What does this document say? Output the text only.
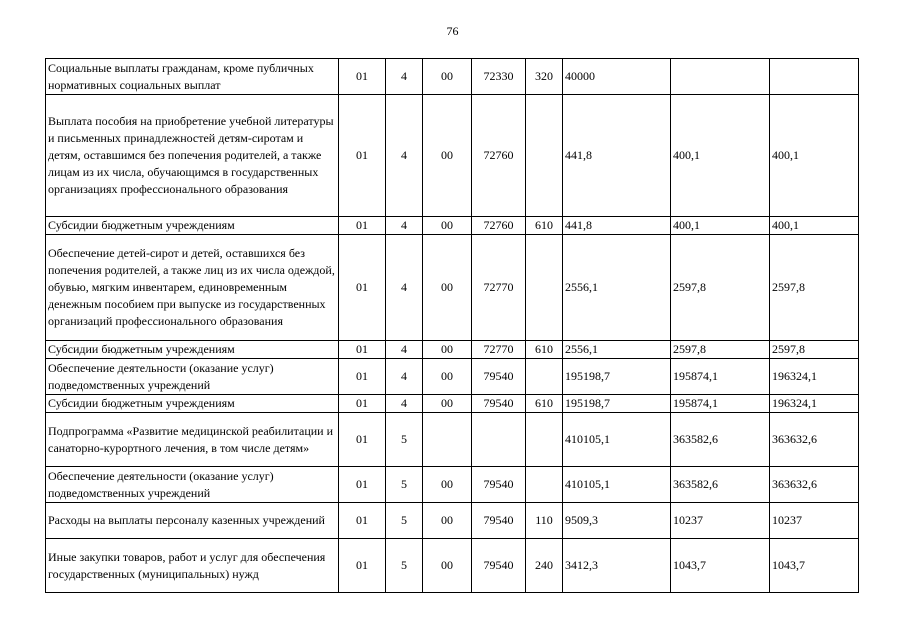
76
Социальные выплаты гражданам, кроме публичных нормативных социальных выплат	01	4	00	72330	320	40000		
Выплата пособия на приобретение учебной литературы и письменных принадлежностей детям-сиротам и детям, оставшимся без попечения родителей, а также лицам из их числа, обучающимся в государственных организациях профессионального образования	01	4	00	72760		441,8	400,1	400,1
Субсидии бюджетным учреждениям	01	4	00	72760	610	441,8	400,1	400,1
Обеспечение детей-сирот и детей, оставшихся без попечения родителей, а также лиц из их числа одеждой, обувью, мягким инвентарем, единовременным денежным пособием при выпуске из государственных организаций профессионального образования	01	4	00	72770		2556,1	2597,8	2597,8
Субсидии бюджетным учреждениям	01	4	00	72770	610	2556,1	2597,8	2597,8
Обеспечение деятельности (оказание услуг) подведомственных учреждений	01	4	00	79540		195198,7	195874,1	196324,1
Субсидии бюджетным учреждениям	01	4	00	79540	610	195198,7	195874,1	196324,1
Подпрограмма «Развитие медицинской реабилитации и санаторно-курортного лечения, в том числе детям»	01	5				410105,1	363582,6	363632,6
Обеспечение деятельности (оказание услуг) подведомственных учреждений	01	5	00	79540		410105,1	363582,6	363632,6
Расходы на выплаты персоналу казенных учреждений	01	5	00	79540	110	9509,3	10237	10237
Иные закупки товаров, работ и услуг для обеспечения государственных (муниципальных) нужд	01	5	00	79540	240	3412,3	1043,7	1043,7
